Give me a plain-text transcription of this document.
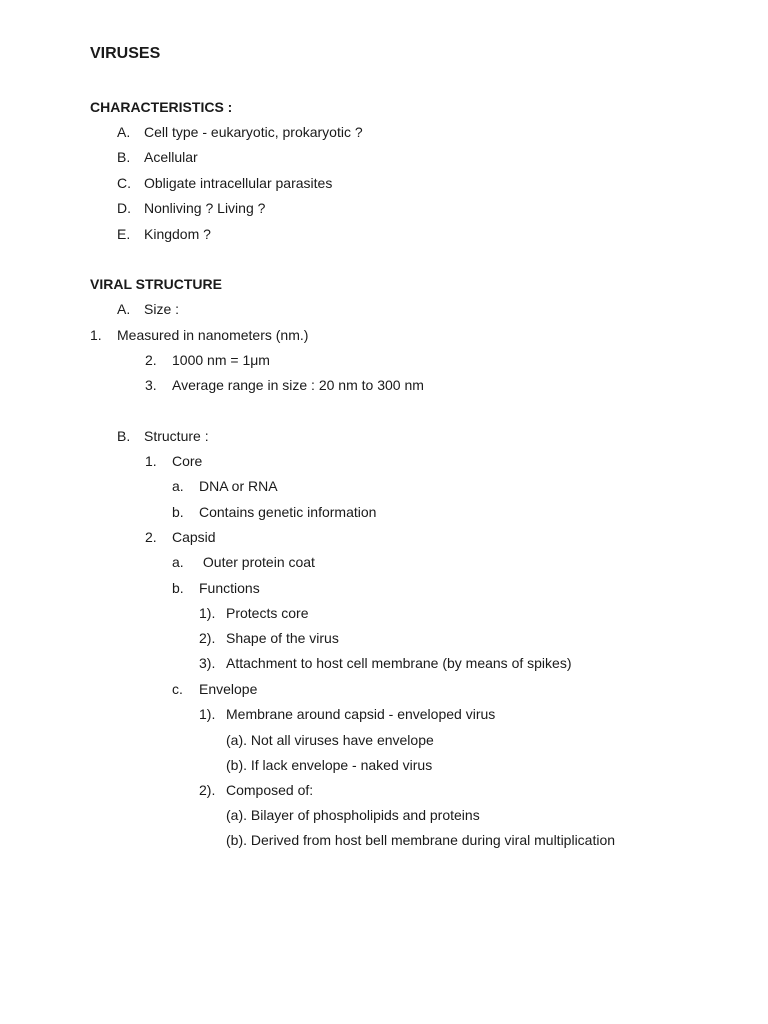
VIRUSES
CHARACTERISTICS :
A. Cell type - eukaryotic, prokaryotic ?
B. Acellular
C. Obligate intracellular parasites
D. Nonliving ? Living ?
E. Kingdom ?
VIRAL STRUCTURE
A. Size :
1. Measured in nanometers (nm.)
2. 1000 nm = 1μm
3. Average range in size : 20 nm to 300 nm
B. Structure :
1. Core
a. DNA or RNA
b. Contains genetic information
2. Capsid
a. Outer protein coat
b. Functions
1). Protects core
2). Shape of the virus
3). Attachment to host cell membrane (by means of spikes)
c. Envelope
1). Membrane around capsid - enveloped virus
(a). Not all viruses have envelope
(b). If lack envelope - naked virus
2). Composed of:
(a). Bilayer of phospholipids and proteins
(b). Derived from host bell membrane during viral multiplication
